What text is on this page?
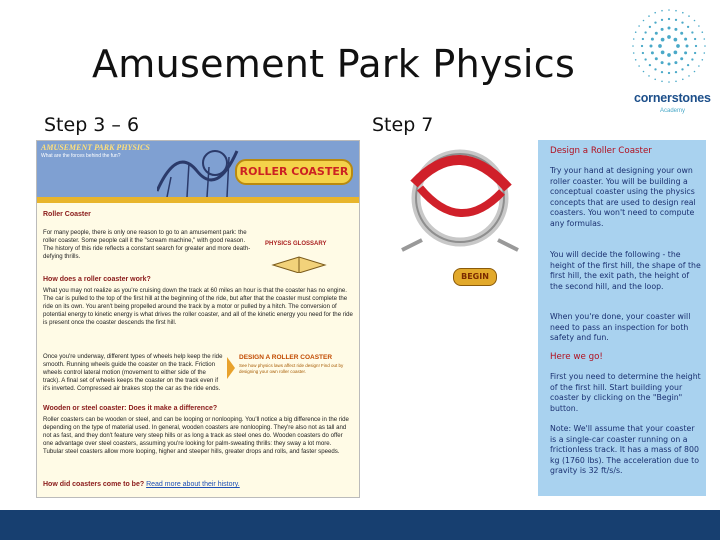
Amusement Park Physics
Step 3 – 6	Step 7
cornerstones
Academy
AMUSEMENT PARK PHYSICS
What are the forces behind the fun?
ROLLER COASTER

Roller Coaster

For many people, there is only one reason to go to an amusement park: the roller coaster. Some people call it the "scream machine," with good reason. The history of this ride reflects a constant search for greater and more death-defying thrills.

PHYSICS GLOSSARY

How does a roller coaster work?

What you may not realize as you're cruising down the track at 60 miles an hour is that the coaster has no engine. The car is pulled to the top of the first hill at the beginning of the ride, but after that the coaster must complete the ride on its own. You aren't being propelled around the track by a motor or pulled by a hitch. The conversion of potential energy to kinetic energy is what drives the roller coaster, and all of the kinetic energy you need for the ride is present once the coaster descends the first hill.

Once you're underway, different types of wheels help keep the ride smooth. Running wheels guide the coaster on the track. Friction wheels control lateral motion (movement to either side of the track). A final set of wheels keeps the coaster on the track even if it's inverted. Compressed air brakes stop the car as the ride ends.

DESIGN A ROLLER COASTER
See how physics laws affect ride design! Find out by designing your own roller coaster.

Wooden or steel coaster: Does it make a difference?

Roller coasters can be wooden or steel, and can be looping or nonlooping. You'll notice a big difference in the ride depending on the type of material used. In general, wooden coasters are nonlooping. They're also not as tall and not as fast, and they don't feature very steep hills or as long a track as steel ones do. Wooden coasters do offer one advantage over steel coasters, assuming you're looking for palm-sweating thrills: they sway a lot more. Tubular steel coasters allow more looping, higher and steeper hills, greater drops and rolls, and faster speeds.

How did coasters come to be? Read more about their history.

BEGIN

Design a Roller Coaster

Try your hand at designing your own roller coaster. You will be building a conceptual coaster using the physics concepts that are used to design real coasters. You won't need to compute any formulas.

You will decide the following - the height of the first hill, the shape of the first hill, the exit path, the height of the second hill, and the loop.

When you're done, your coaster will need to pass an inspection for both safety and fun.

Here we go!

First you need to determine the height of the first hill. Start building your coaster by clicking on the "Begin" button.

Note: We'll assume that your coaster is a single-car coaster running on a frictionless track. It has a mass of 800 kg (1760 lbs). The acceleration due to gravity is 32 ft/s/s.
